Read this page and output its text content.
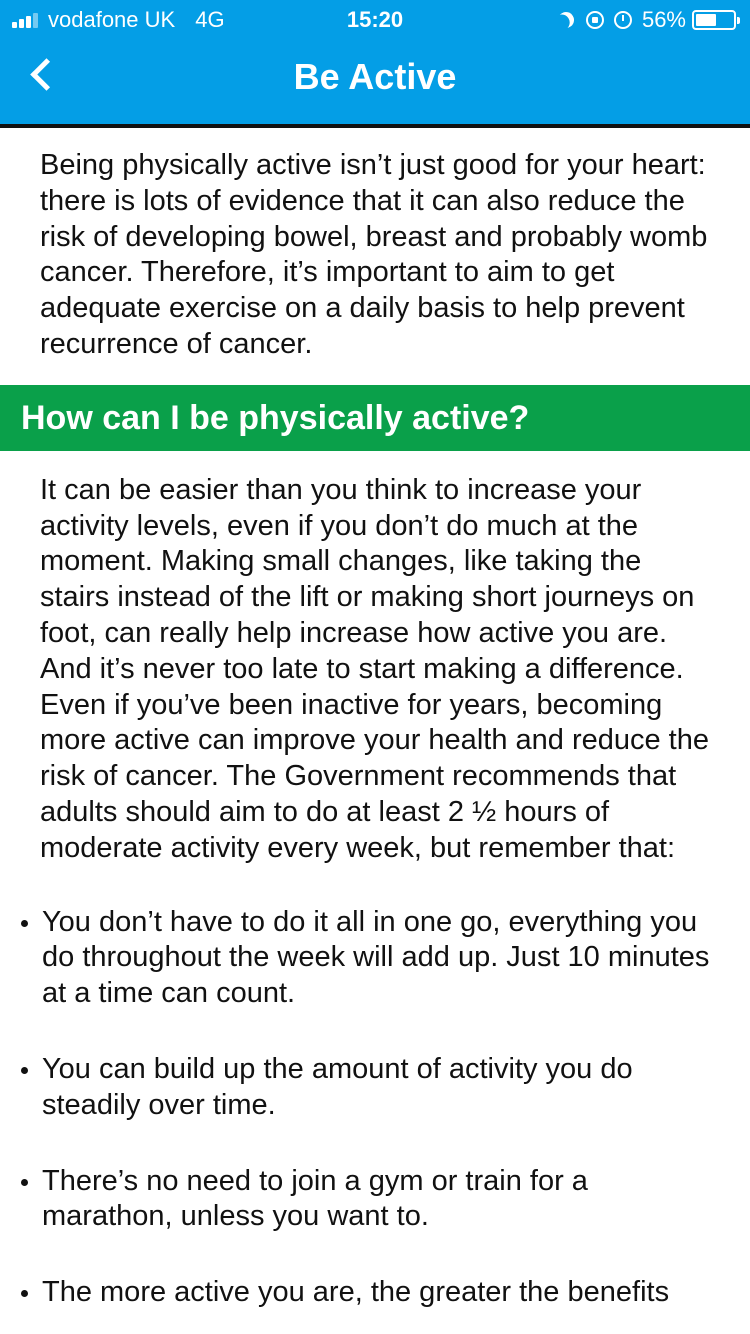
vodafone UK 4G	15:20	56%
Be Active

Being physically active isn’t just good for your heart: there is lots of evidence that it can also reduce the risk of developing bowel, breast and probably womb cancer. Therefore, it’s important to aim to get adequate exercise on a daily basis to help prevent recurrence of cancer.

How can I be physically active?

It can be easier than you think to increase your activity levels, even if you don’t do much at the moment. Making small changes, like taking the stairs instead of the lift or making short journeys on foot, can really help increase how active you are. And it’s never too late to start making a difference. Even if you’ve been inactive for years, becoming more active can improve your health and reduce the risk of cancer. The Government recommends that adults should aim to do at least 2 ½ hours of moderate activity every week, but remember that:

You don’t have to do it all in one go, everything you do throughout the week will add up. Just 10 minutes at a time can count.
You can build up the amount of activity you do steadily over time.
There’s no need to join a gym or train for a marathon, unless you want to.
The more active you are, the greater the benefits
